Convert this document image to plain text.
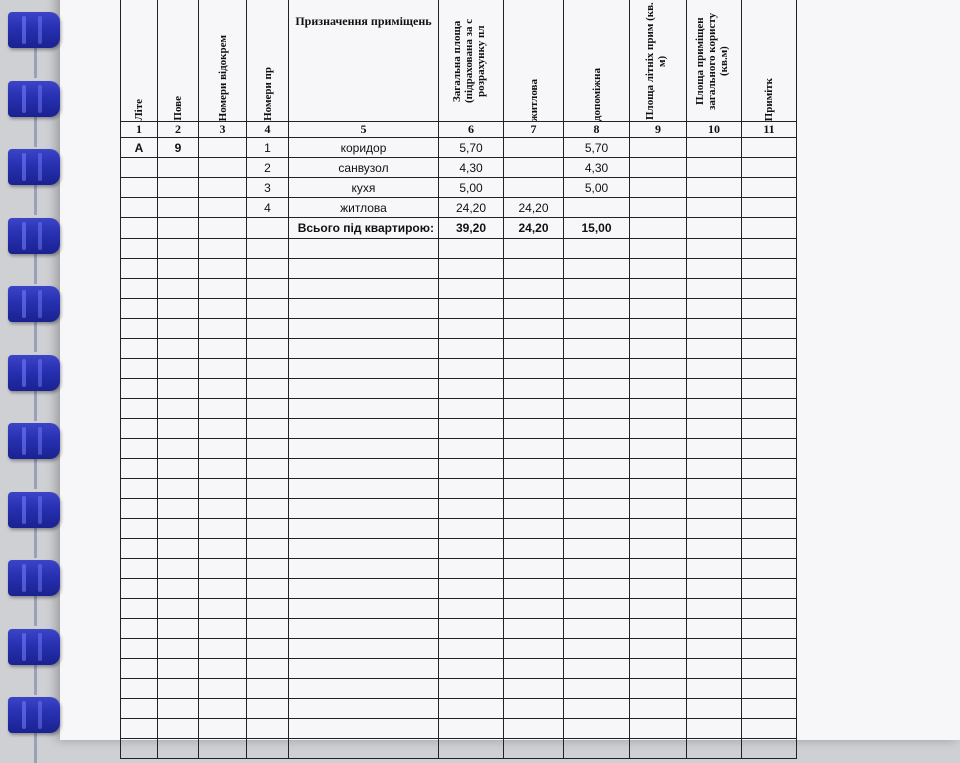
Літе	Пове	Номери відокрем	Номери пр	Призначення приміщень	Загальна площа (підрахована за с розрахунку пл	житлова	допоміжна	Площа літніх прим (кв. м)	Площа приміщен загального користу (кв.м)	Примітк

1	2	3	4	5	6	7	8	9	10	11
А	9		1	коридор	5,70		5,70			
			2	санвузол	4,30		4,30			
			3	кухя	5,00		5,00			
			4	житлова	24,20	24,20				
				Всього під квартирою:	39,20	24,20	15,00			
